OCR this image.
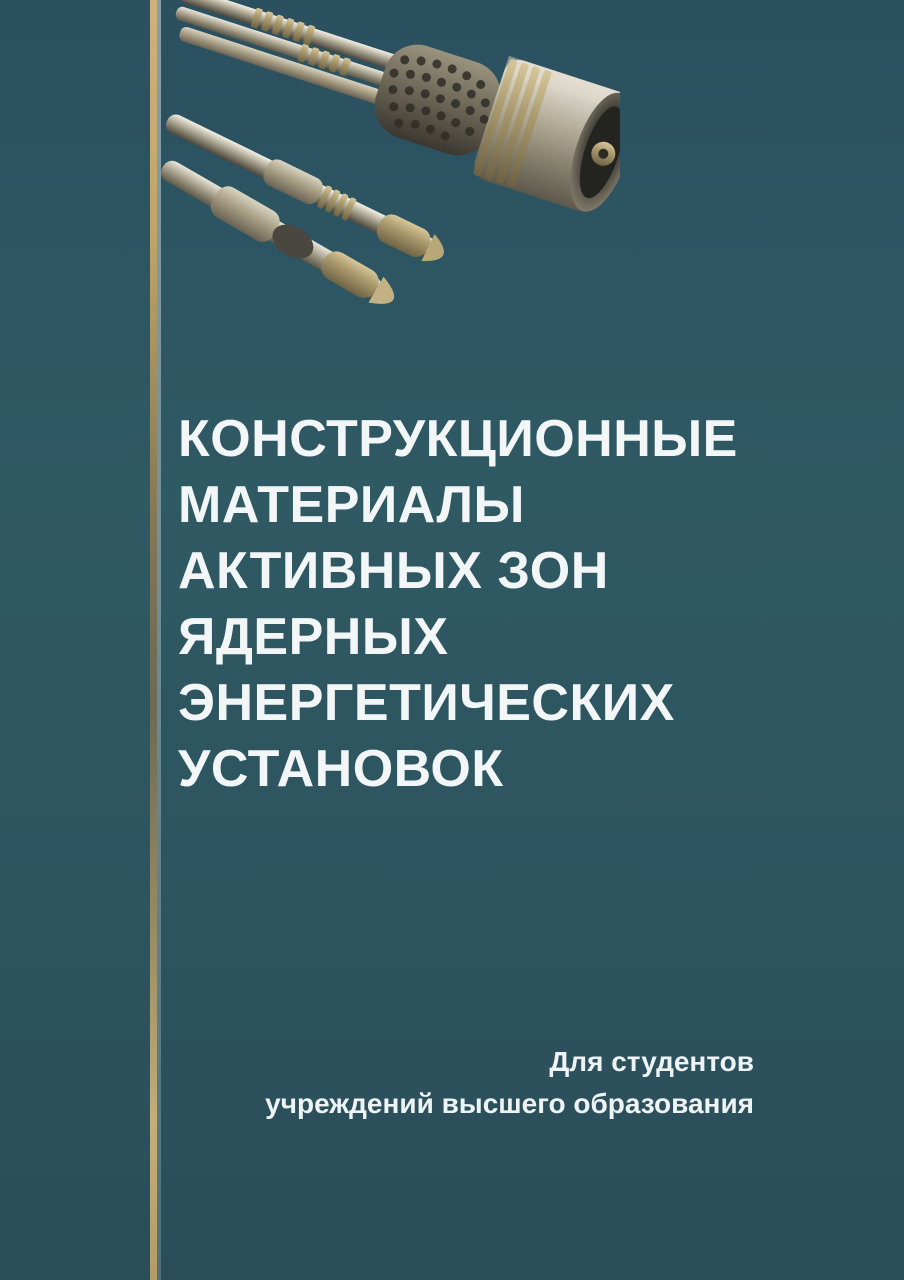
КОНСТРУКЦИОННЫЕ
МАТЕРИАЛЫ
АКТИВНЫХ ЗОН
ЯДЕРНЫХ
ЭНЕРГЕТИЧЕСКИХ
УСТАНОВОК
Для студентов
учреждений высшего образования
